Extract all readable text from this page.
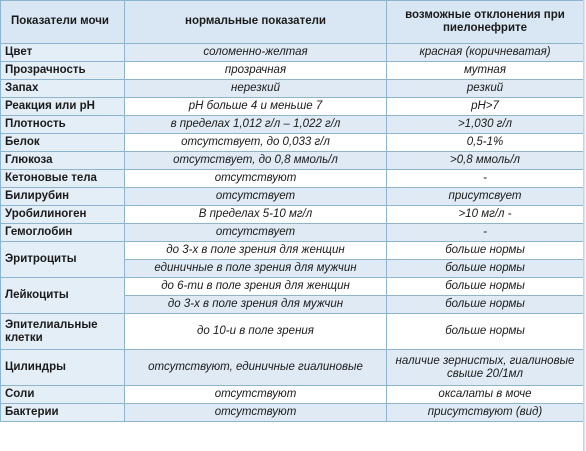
Показатели мочи	нормальные показатели	возможные отклонения при пиелонефрите
Цвет	соломенно-желтая	красная (коричневатая)
Прозрачность	прозрачная	мутная
Запах	нерезкий	резкий
Реакция или pH	pH больше 4 и меньше 7	pH>7
Плотность	в пределах 1,012 г/л – 1,022 г/л	>1,030 г/л
Белок	отсутствует, до 0,033 г/л	0,5-1%
Глюкоза	отсутствует, до 0,8 ммоль/л	>0,8 ммоль/л
Кетоновые тела	отсутствуют	-
Билирубин	отсутствует	присутсвует
Уробилиноген	В пределах 5-10 мг/л	>10 мг/л -
Гемоглобин	отсутствует	-
Эритроциты	до 3-х в поле зрения для женщин	больше нормы
	единичные в поле зрения для мужчин	больше нормы
Лейкоциты	до 6-ти в поле зрения для женщин	больше нормы
	до 3-х в поле зрения для мужчин	больше нормы
Эпителиальные клетки	до 10-и в поле зрения	больше нормы
Цилиндры	отсутствуют, единичные гиалиновые	наличие зернистых, гиалиновые свыше 20/1мл
Соли	отсутствуют	оксалаты в моче
Бактерии	отсутствуют	присутствуют (вид)
